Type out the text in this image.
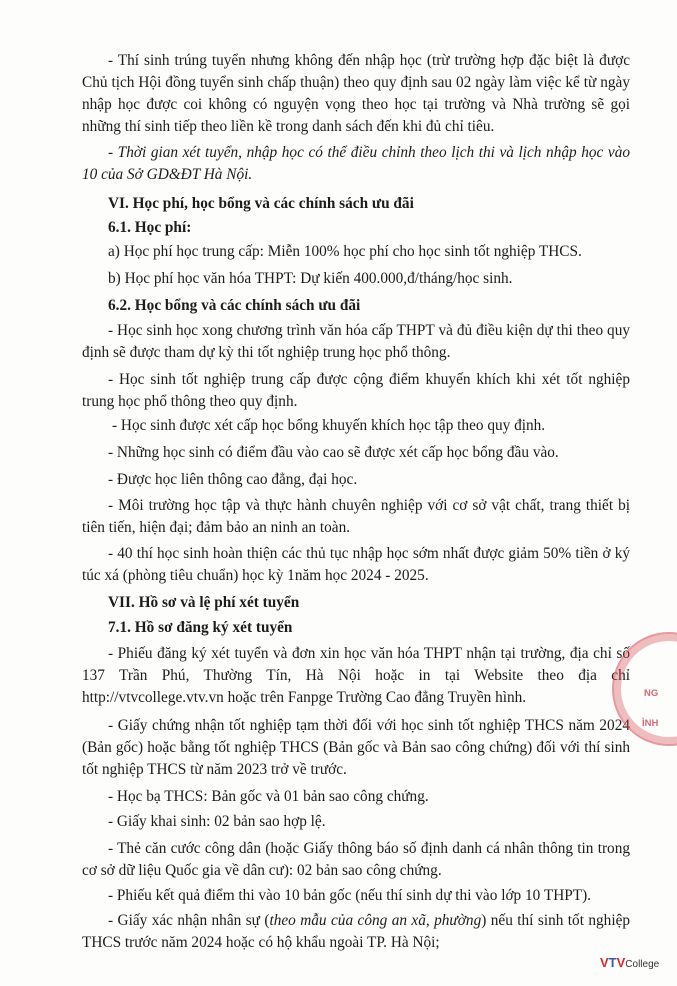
- Thí sinh trúng tuyển nhưng không đến nhập học (trừ trường hợp đặc biệt là được Chủ tịch Hội đồng tuyển sinh chấp thuận) theo quy định sau 02 ngày làm việc kể từ ngày nhập học được coi không có nguyện vọng theo học tại trường và Nhà trường sẽ gọi những thí sinh tiếp theo liền kề trong danh sách đến khi đủ chỉ tiêu.

- Thời gian xét tuyển, nhập học có thể điều chỉnh theo lịch thi và lịch nhập học vào 10 của Sở GD&ĐT Hà Nội.

VI. Học phí, học bổng và các chính sách ưu đãi

6.1. Học phí:

a) Học phí học trung cấp: Miễn 100% học phí cho học sinh tốt nghiệp THCS.

b) Học phí học văn hóa THPT: Dự kiến 400.000,đ/tháng/học sinh.

6.2. Học bổng và các chính sách ưu đãi

- Học sinh học xong chương trình văn hóa cấp THPT và đủ điều kiện dự thi theo quy định sẽ được tham dự kỳ thi tốt nghiệp trung học phổ thông.

- Học sinh tốt nghiệp trung cấp được cộng điểm khuyến khích khi xét tốt nghiệp trung học phổ thông theo quy định.

- Học sinh được xét cấp học bổng khuyến khích học tập theo quy định.

- Những học sinh có điểm đầu vào cao sẽ được xét cấp học bổng đầu vào.

- Được học liên thông cao đẳng, đại học.

- Môi trường học tập và thực hành chuyên nghiệp với cơ sở vật chất, trang thiết bị tiên tiến, hiện đại; đảm bảo an ninh an toàn.

- 40 thí học sinh hoàn thiện các thủ tục nhập học sớm nhất được giảm 50% tiền ở ký túc xá (phòng tiêu chuẩn) học kỳ 1năm học 2024 - 2025.

VII. Hồ sơ và lệ phí xét tuyển

7.1. Hồ sơ đăng ký xét tuyển

- Phiếu đăng ký xét tuyển và đơn xin học văn hóa THPT nhận tại trường, địa chỉ số 137 Trần Phú, Thường Tín, Hà Nội hoặc in tại Website theo địa chỉ http://vtvcollege.vtv.vn hoặc trên Fanpge Trường Cao đẳng Truyền hình.

- Giấy chứng nhận tốt nghiệp tạm thời đối với học sinh tốt nghiệp THCS năm 2024 (Bản gốc) hoặc bằng tốt nghiệp THCS (Bản gốc và Bản sao công chứng) đối với thí sinh tốt nghiệp THCS từ năm 2023 trở về trước.

- Học bạ THCS: Bản gốc và 01 bản sao công chứng.

- Giấy khai sinh: 02 bản sao hợp lệ.

- Thẻ căn cước công dân (hoặc Giấy thông báo số định danh cá nhân thông tin trong cơ sở dữ liệu Quốc gia về dân cư): 02 bản sao công chứng.

- Phiếu kết quả điểm thi vào 10 bản gốc (nếu thí sinh dự thi vào lớp 10 THPT).

- Giấy xác nhận nhân sự (theo mẫu của công an xã, phường) nếu thí sinh tốt nghiệp THCS trước năm 2024 hoặc có hộ khẩu ngoài TP. Hà Nội;

NG
ÌNH
VTVCollege
